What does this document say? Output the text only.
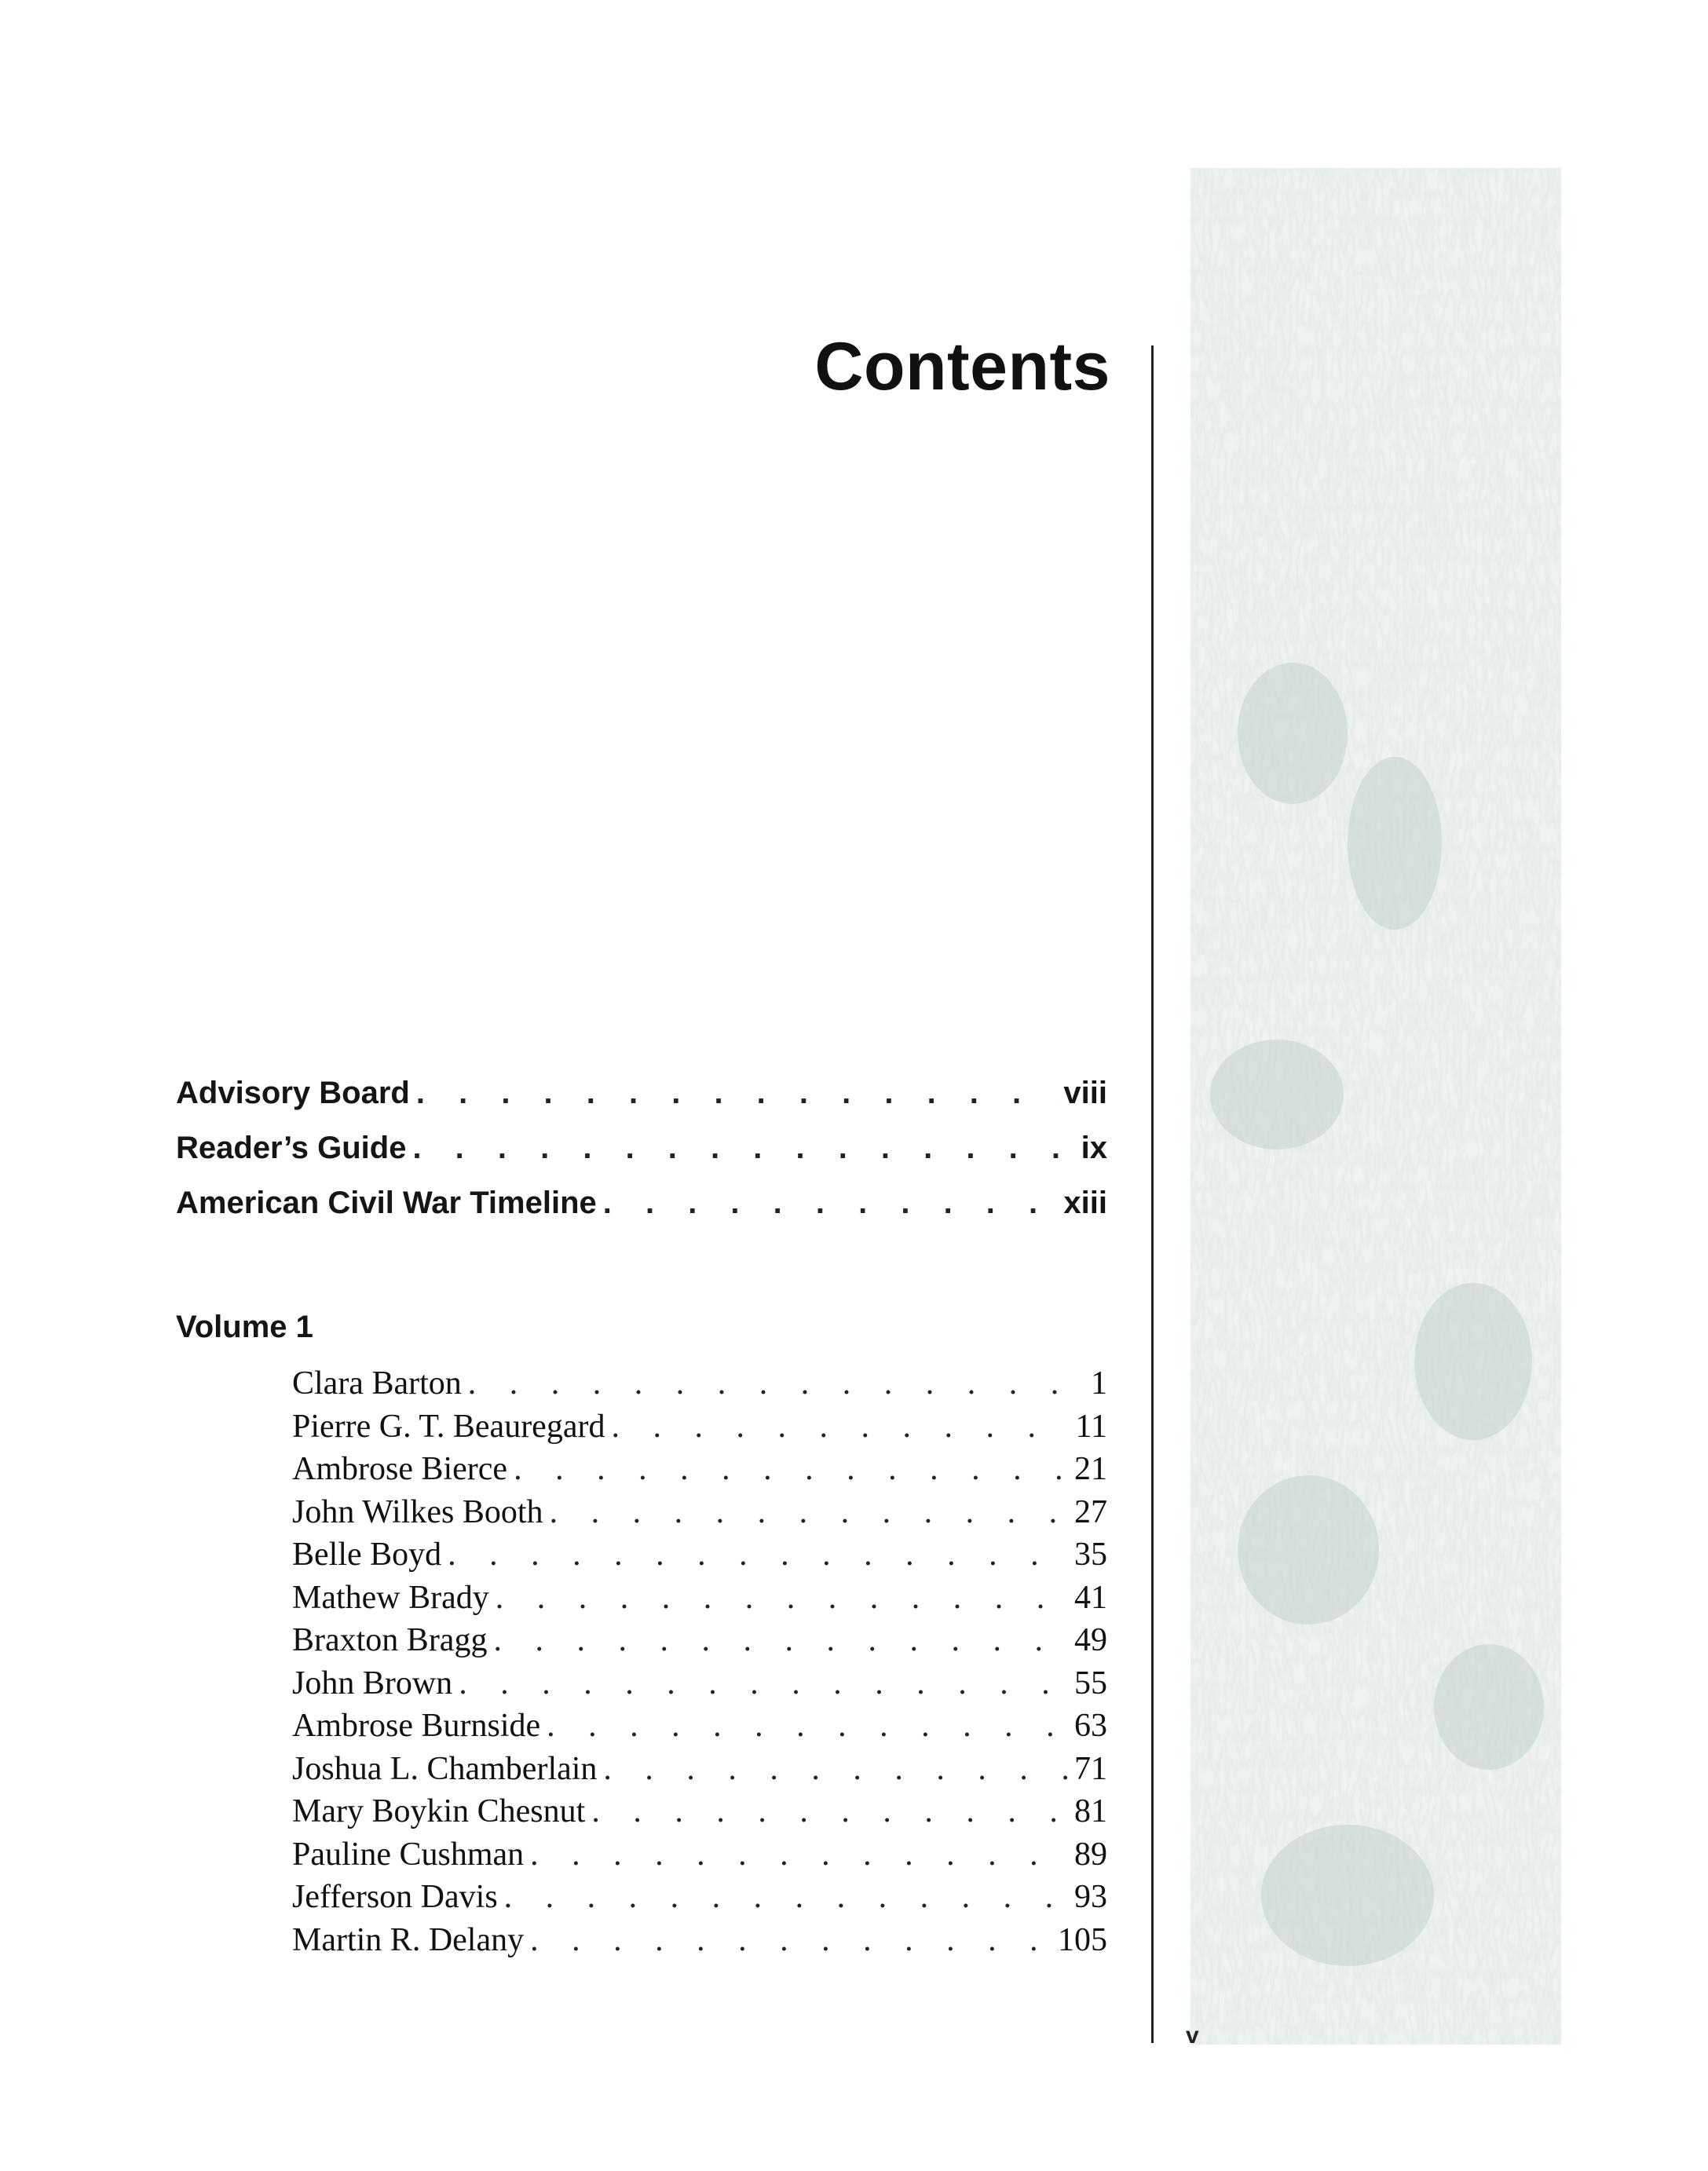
Contents
Advisory Board . . .	viii
Reader’s Guide . . .	ix
American Civil War Timeline . . .	xiii
Volume 1
Clara Barton . . .	1
Pierre G. T. Beauregard . . .	11
Ambrose Bierce . . .	21
John Wilkes Booth . . .	27
Belle Boyd . . .	35
Mathew Brady . . .	41
Braxton Bragg . . .	49
John Brown . . .	55
Ambrose Burnside . . .	63
Joshua L. Chamberlain . . .	71
Mary Boykin Chesnut . . .	81
Pauline Cushman . . .	89
Jefferson Davis . . .	93
Martin R. Delany . . .	105
v
